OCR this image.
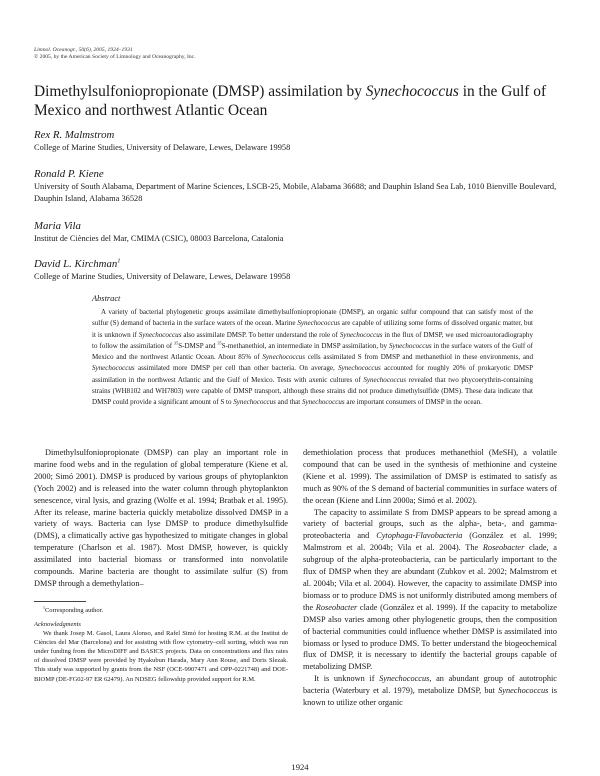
Limnol. Oceanogr., 50(6), 2005, 1924–1931
© 2005, by the American Society of Limnology and Oceanography, Inc.
Dimethylsulfoniopropionate (DMSP) assimilation by Synechococcus in the Gulf of Mexico and northwest Atlantic Ocean
Rex R. Malmstrom
College of Marine Studies, University of Delaware, Lewes, Delaware 19958
Ronald P. Kiene
University of South Alabama, Department of Marine Sciences, LSCB-25, Mobile, Alabama 36688; and Dauphin Island Sea Lab, 1010 Bienville Boulevard, Dauphin Island, Alabama 36528
Maria Vila
Institut de Ciències del Mar, CMIMA (CSIC), 08003 Barcelona, Catalonia
David L. Kirchman$^1$
College of Marine Studies, University of Delaware, Lewes, Delaware 19958
Abstract

A variety of bacterial phylogenetic groups assimilate dimethylsulfoniopropionate (DMSP), an organic sulfur compound that can satisfy most of the sulfur (S) demand of bacteria in the surface waters of the ocean. Marine Synechococcus are capable of utilizing some forms of dissolved organic matter, but it is unknown if Synechococcus also assimilate DMSP. To better understand the role of Synechococcus in the flux of DMSP, we used microautoradiography to follow the assimilation of $^{35}$S-DMSP and $^{35}$S-methanethiol, an intermediate in DMSP assimilation, by Synechococcus in the surface waters of the Gulf of Mexico and the northwest Atlantic Ocean. About 85% of Synechococcus cells assimilated S from DMSP and methanethiol in these environments, and Synechococcus assimilated more DMSP per cell than other bacteria. On average, Synechococcus accounted for roughly 20% of prokaryotic DMSP assimilation in the northwest Atlantic and the Gulf of Mexico. Tests with axenic cultures of Synechococcus revealed that two phycoerythrin-containing strains (WH8102 and WH7803) were capable of DMSP transport, although these strains did not produce dimethylsulfide (DMS). These data indicate that DMSP could provide a significant amount of S to Synechococcus and that Synechococcus are important consumers of DMSP in the ocean.

Dimethylsulfoniopropionate (DMSP) can play an important role in marine food webs and in the regulation of global temperature (Kiene et al. 2000; Simó 2001). DMSP is produced by various groups of phytoplankton (Yoch 2002) and is released into the water column through phytoplankton senescence, viral lysis, and grazing (Wolfe et al. 1994; Bratbak et al. 1995). After its release, marine bacteria quickly metabolize dissolved DMSP in a variety of ways. Bacteria can lyse DMSP to produce dimethylsulfide (DMS), a climatically active gas hypothesized to mitigate changes in global temperature (Charlson et al. 1987). Most DMSP, however, is quickly assimilated into bacterial biomass or transformed into nonvolatile compounds. Marine bacteria are thought to assimilate sulfur (S) from DMSP through a demethylation–

$^1$Corresponding author.

Acknowledgments

We thank Josep M. Gasol, Laura Alonso, and Rafel Simó for hosting R.M. at the Institut de Ciències del Mar (Barcelona) and for assisting with flow cytometry–cell sorting, which was run under funding from the MicroDIFF and BASICS projects. Data on concentrations and flux rates of dissolved DMSP were provided by Hyakubun Harada, Mary Ann Rouse, and Doris Slezak. This study was supported by grants from the NSF (OCE-9907471 and OPP-0221748) and DOE-BIOMP (DE-FG02-97 ER 62479). An NDSEG fellowship provided support for R.M.

demethiolation process that produces methanethiol (MeSH), a volatile compound that can be used in the synthesis of methionine and cysteine (Kiene et al. 1999). The assimilation of DMSP is estimated to satisfy as much as 90% of the S demand of bacterial communities in surface waters of the ocean (Kiene and Linn 2000a; Simó et al. 2002).

The capacity to assimilate S from DMSP appears to be spread among a variety of bacterial groups, such as the alpha-, beta-, and gamma-proteobacteria and Cytophaga-Flavobacteria (González et al. 1999; Malmstrom et al. 2004b; Vila et al. 2004). The Roseobacter clade, a subgroup of the alpha-proteobacteria, can be particularly important to the flux of DMSP when they are abundant (Zubkov et al. 2002; Malmstrom et al. 2004b; Vila et al. 2004). However, the capacity to assimilate DMSP into biomass or to produce DMS is not uniformly distributed among members of the Roseobacter clade (González et al. 1999). If the capacity to metabolize DMSP also varies among other phylogenetic groups, then the composition of bacterial communities could influence whether DMSP is assimilated into biomass or lysed to produce DMS. To better understand the biogeochemical flux of DMSP, it is necessary to identify the bacterial groups capable of metabolizing DMSP.

It is unknown if Synechococcus, an abundant group of autotrophic bacteria (Waterbury et al. 1979), metabolize DMSP, but Synechococcus is known to utilize other organic

1924
